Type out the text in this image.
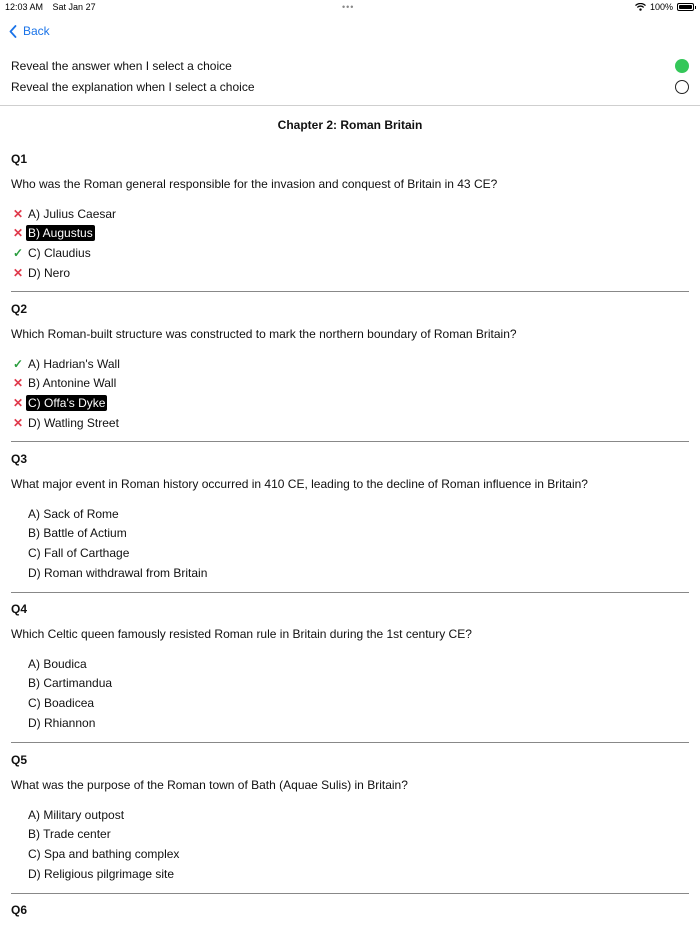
12:03 AM Sat Jan 27	•••	100%
Back
Reveal the answer when I select a choice
Reveal the explanation when I select a choice
Chapter 2: Roman Britain
Q1
Who was the Roman general responsible for the invasion and conquest of Britain in 43 CE?
✕ A) Julius Caesar
✕ B) Augustus
✓ C) Claudius
✕ D) Nero
Q2
Which Roman-built structure was constructed to mark the northern boundary of Roman Britain?
✓ A) Hadrian's Wall
✕ B) Antonine Wall
✕ C) Offa's Dyke
✕ D) Watling Street
Q3
What major event in Roman history occurred in 410 CE, leading to the decline of Roman influence in Britain?
A) Sack of Rome
B) Battle of Actium
C) Fall of Carthage
D) Roman withdrawal from Britain
Q4
Which Celtic queen famously resisted Roman rule in Britain during the 1st century CE?
A) Boudica
B) Cartimandua
C) Boadicea
D) Rhiannon
Q5
What was the purpose of the Roman town of Bath (Aquae Sulis) in Britain?
A) Military outpost
B) Trade center
C) Spa and bathing complex
D) Religious pilgrimage site
Q6
